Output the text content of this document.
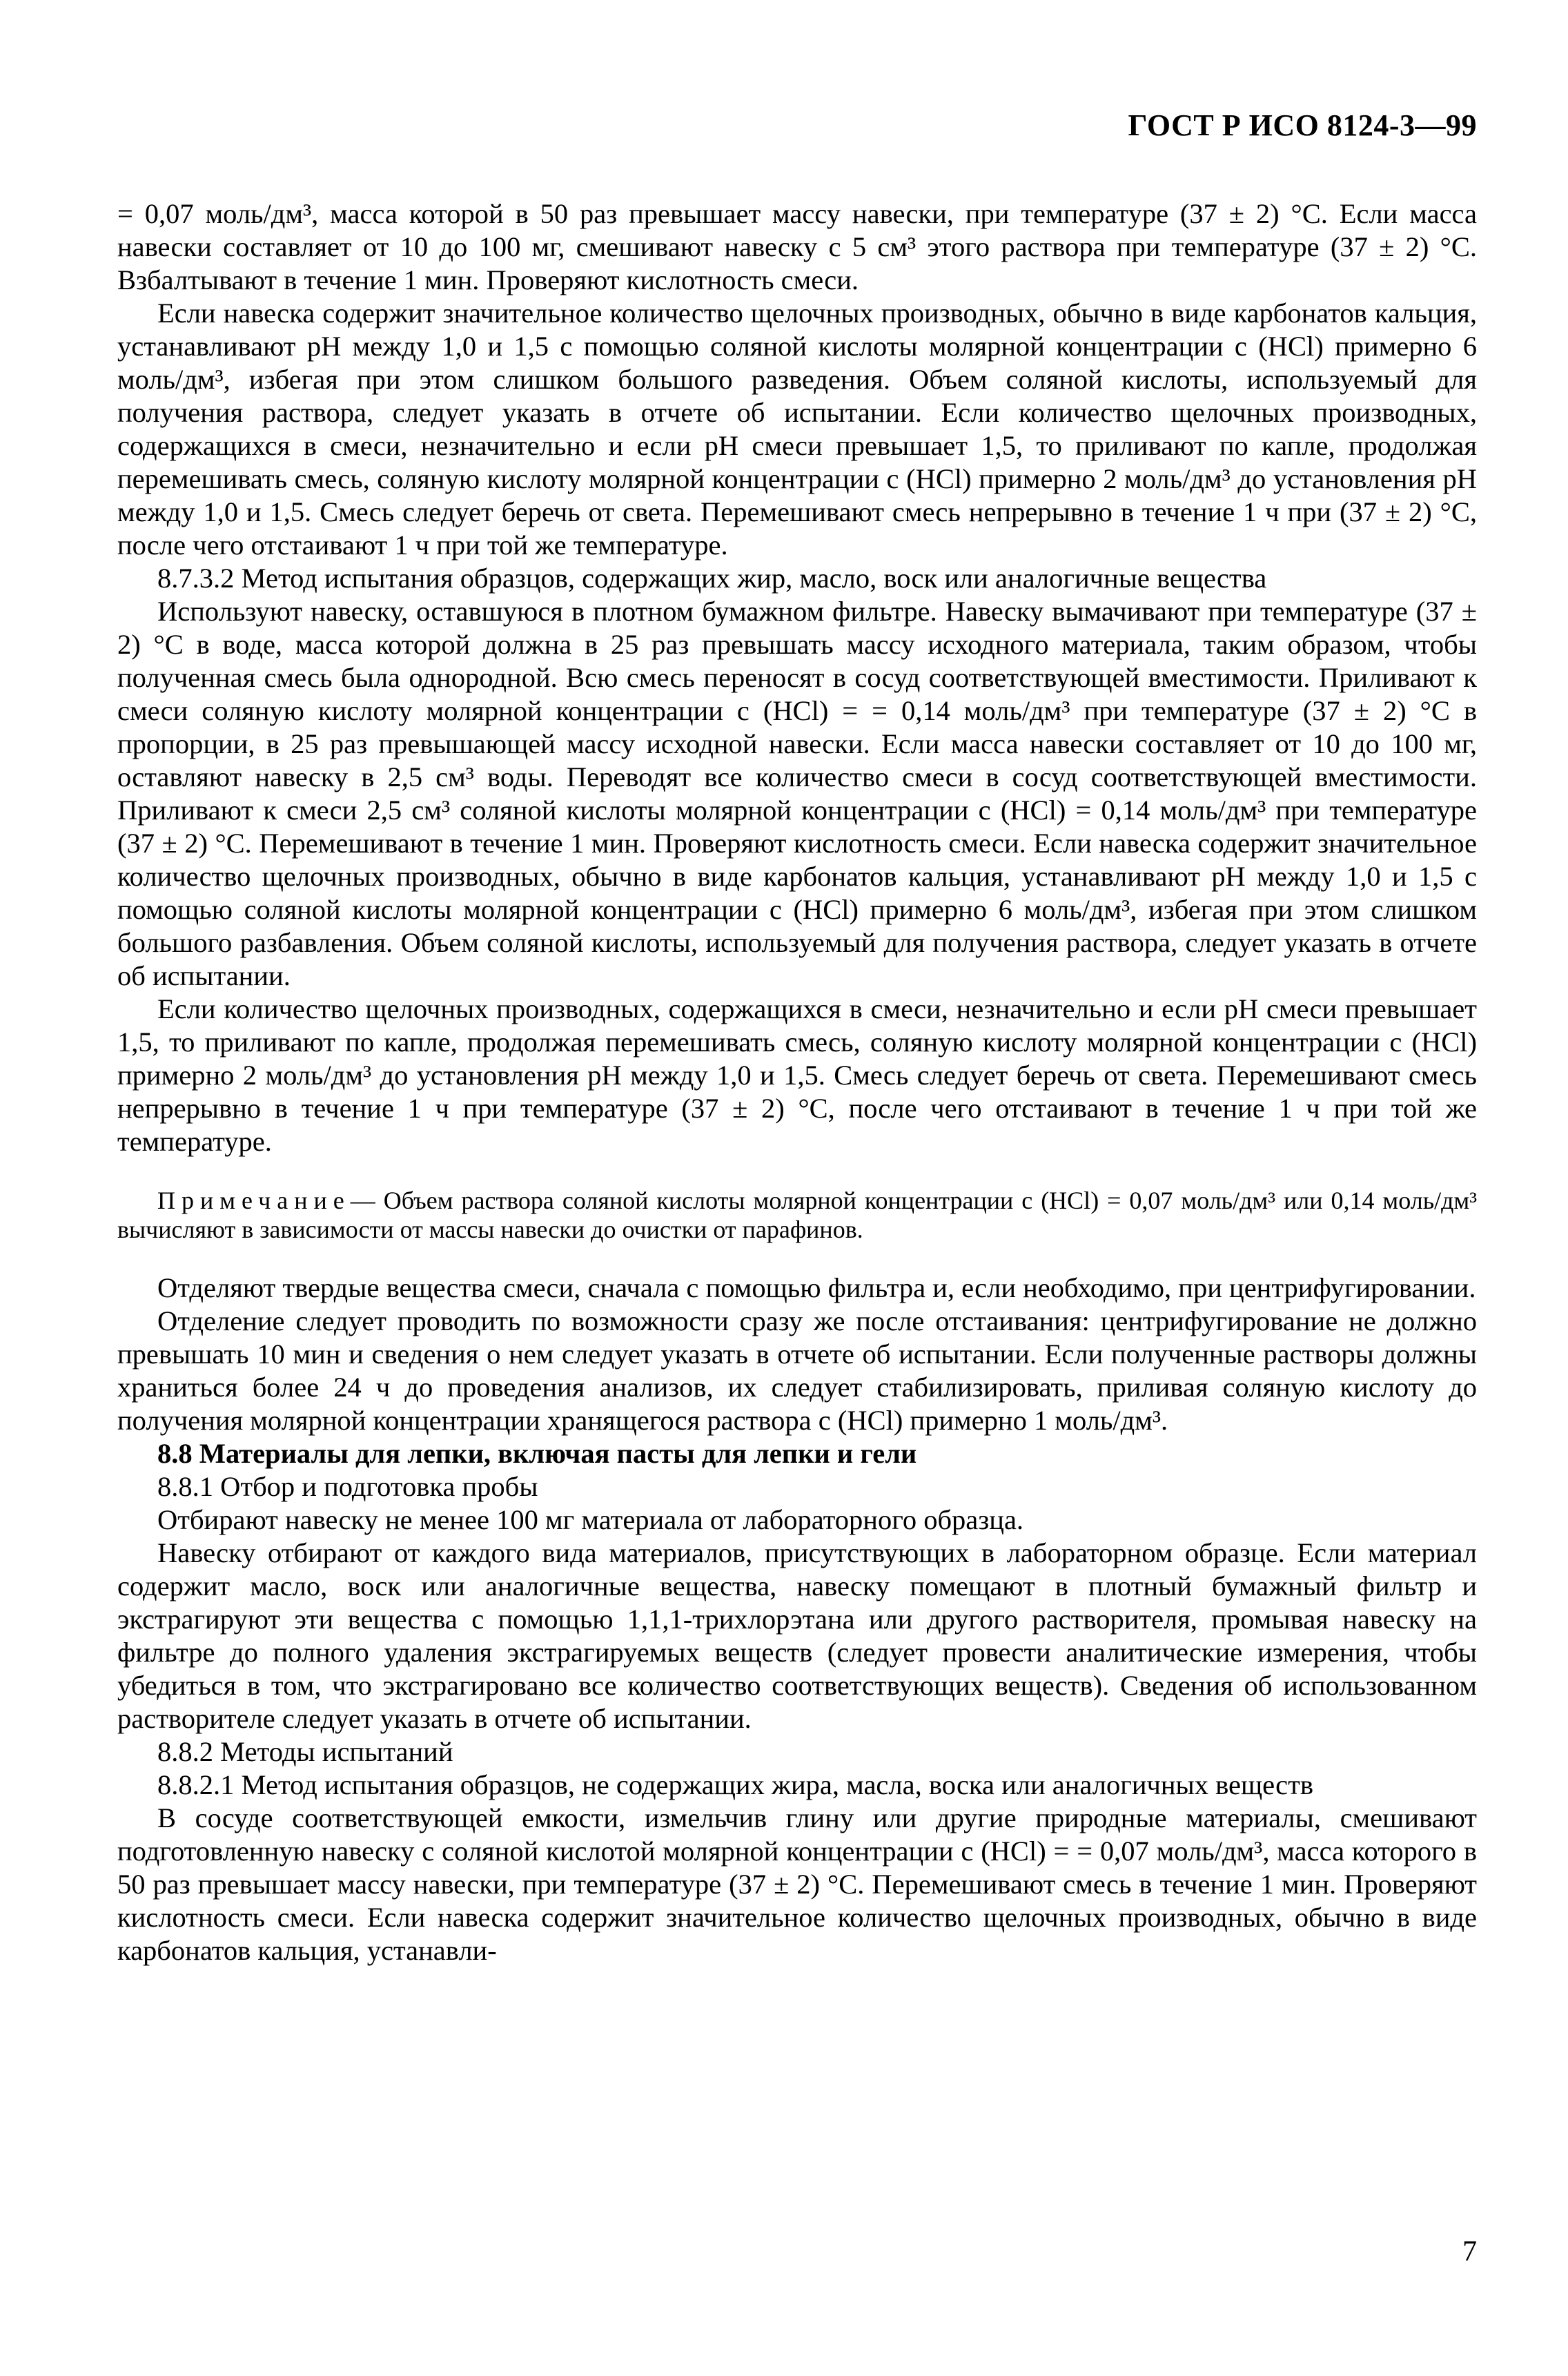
ГОСТ Р ИСО 8124-3—99

= 0,07 моль/дм³, масса которой в 50 раз превышает массу навески, при температуре (37 ± 2) °С. Если масса навески составляет от 10 до 100 мг, смешивают навеску с 5 см³ этого раствора при температуре (37 ± 2) °С. Взбалтывают в течение 1 мин. Проверяют кислотность смеси.

Если навеска содержит значительное количество щелочных производных, обычно в виде карбонатов кальция, устанавливают pH между 1,0 и 1,5 с помощью соляной кислоты молярной концентрации c (HCl) примерно 6 моль/дм³, избегая при этом слишком большого разведения. Объем соляной кислоты, используемый для получения раствора, следует указать в отчете об испытании. Если количество щелочных производных, содержащихся в смеси, незначительно и если pH смеси превышает 1,5, то приливают по капле, продолжая перемешивать смесь, соляную кислоту молярной концентрации c (HCl) примерно 2 моль/дм³ до установления pH между 1,0 и 1,5. Смесь следует беречь от света. Перемешивают смесь непрерывно в течение 1 ч при (37 ± 2) °С, после чего отстаивают 1 ч при той же температуре.

8.7.3.2 Метод испытания образцов, содержащих жир, масло, воск или аналогичные вещества

Используют навеску, оставшуюся в плотном бумажном фильтре. Навеску вымачивают при температуре (37 ± 2) °С в воде, масса которой должна в 25 раз превышать массу исходного материала, таким образом, чтобы полученная смесь была однородной. Всю смесь переносят в сосуд соответствующей вместимости. Приливают к смеси соляную кислоту молярной концентрации c (HCl) = = 0,14 моль/дм³ при температуре (37 ± 2) °С в пропорции, в 25 раз превышающей массу исходной навески. Если масса навески составляет от 10 до 100 мг, оставляют навеску в 2,5 см³ воды. Переводят все количество смеси в сосуд соответствующей вместимости. Приливают к смеси 2,5 см³ соляной кислоты молярной концентрации c (HCl) = 0,14 моль/дм³ при температуре (37 ± 2) °С. Перемешивают в течение 1 мин. Проверяют кислотность смеси. Если навеска содержит значительное количество щелочных производных, обычно в виде карбонатов кальция, устанавливают pH между 1,0 и 1,5 с помощью соляной кислоты молярной концентрации c (HCl) примерно 6 моль/дм³, избегая при этом слишком большого разбавления. Объем соляной кислоты, используемый для получения раствора, следует указать в отчете об испытании.

Если количество щелочных производных, содержащихся в смеси, незначительно и если pH смеси превышает 1,5, то приливают по капле, продолжая перемешивать смесь, соляную кислоту молярной концентрации c (HCl) примерно 2 моль/дм³ до установления pH между 1,0 и 1,5. Смесь следует беречь от света. Перемешивают смесь непрерывно в течение 1 ч при температуре (37 ± 2) °С, после чего отстаивают в течение 1 ч при той же температуре.

Примечание— Объем раствора соляной кислоты молярной концентрации c (HCl) = 0,07 моль/дм³ или 0,14 моль/дм³ вычисляют в зависимости от массы навески до очистки от парафинов.

Отделяют твердые вещества смеси, сначала с помощью фильтра и, если необходимо, при центрифугировании.

Отделение следует проводить по возможности сразу же после отстаивания: центрифугирование не должно превышать 10 мин и сведения о нем следует указать в отчете об испытании. Если полученные растворы должны храниться более 24 ч до проведения анализов, их следует стабилизировать, приливая соляную кислоту до получения молярной концентрации хранящегося раствора c (HCl) примерно 1 моль/дм³.

8.8 Материалы для лепки, включая пасты для лепки и гели

8.8.1 Отбор и подготовка пробы

Отбирают навеску не менее 100 мг материала от лабораторного образца.

Навеску отбирают от каждого вида материалов, присутствующих в лабораторном образце. Если материал содержит масло, воск или аналогичные вещества, навеску помещают в плотный бумажный фильтр и экстрагируют эти вещества с помощью 1,1,1-трихлорэтана или другого растворителя, промывая навеску на фильтре до полного удаления экстрагируемых веществ (следует провести аналитические измерения, чтобы убедиться в том, что экстрагировано все количество соответствующих веществ). Сведения об использованном растворителе следует указать в отчете об испытании.

8.8.2 Методы испытаний

8.8.2.1 Метод испытания образцов, не содержащих жира, масла, воска или аналогичных веществ

В сосуде соответствующей емкости, измельчив глину или другие природные материалы, смешивают подготовленную навеску с соляной кислотой молярной концентрации c (HCl) = = 0,07 моль/дм³, масса которого в 50 раз превышает массу навески, при температуре (37 ± 2) °С. Перемешивают смесь в течение 1 мин. Проверяют кислотность смеси. Если навеска содержит значительное количество щелочных производных, обычно в виде карбонатов кальция, устанавли-

7
